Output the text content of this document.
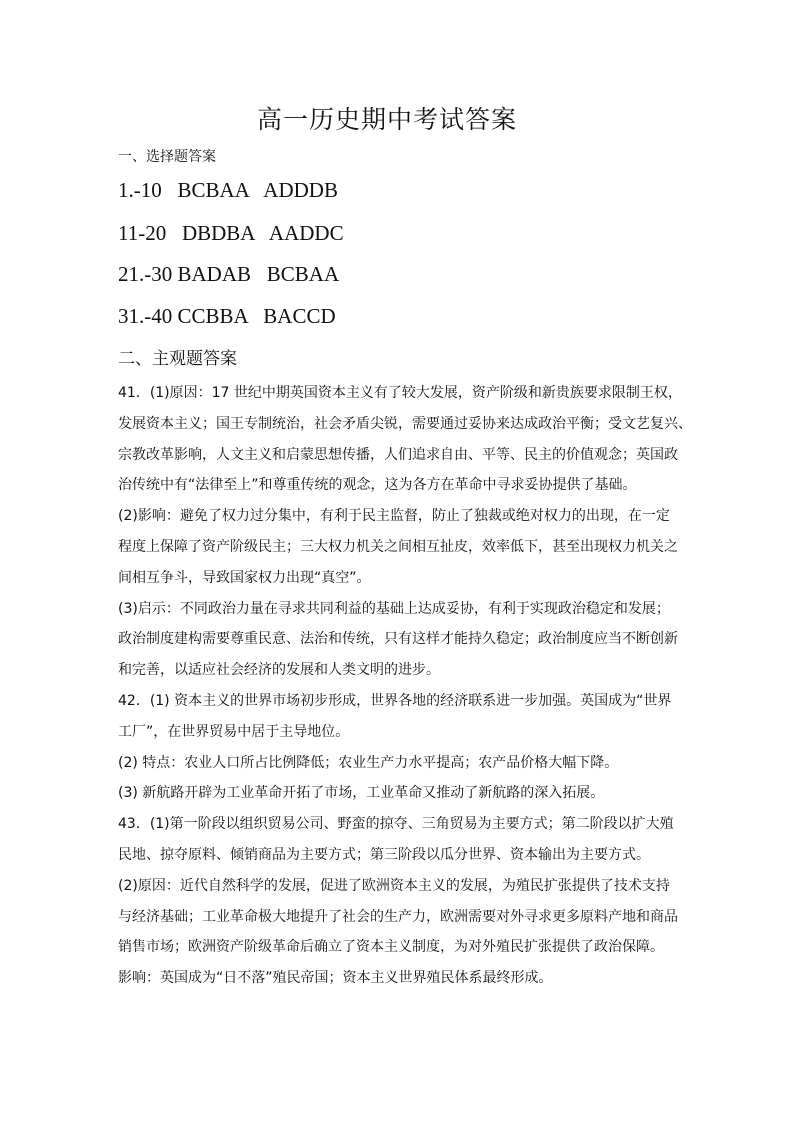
高一历史期中考试答案
一、选择题答案
1.-10   BCBAA   ADDDB
11-20   DBDBA   AADDC
21.-30 BADAB   BCBAA
31.-40 CCBBA   BACCD
二、主观题答案
41．(1)原因：17 世纪中期英国资本主义有了较大发展，资产阶级和新贵族要求限制王权，
发展资本主义；国王专制统治，社会矛盾尖锐，需要通过妥协来达成政治平衡；受文艺复兴、
宗教改革影响，人文主义和启蒙思想传播，人们追求自由、平等、民主的价值观念；英国政
治传统中有“法律至上”和尊重传统的观念，这为各方在革命中寻求妥协提供了基础。
(2)影响：避免了权力过分集中，有利于民主监督，防止了独裁或绝对权力的出现，在一定
程度上保障了资产阶级民主；三大权力机关之间相互扯皮，效率低下，甚至出现权力机关之
间相互争斗，导致国家权力出现“真空”。
(3)启示：不同政治力量在寻求共同利益的基础上达成妥协，有利于实现政治稳定和发展；
政治制度建构需要尊重民意、法治和传统，只有这样才能持久稳定；政治制度应当不断创新
和完善，以适应社会经济的发展和人类文明的进步。
42．(1) 资本主义的世界市场初步形成，世界各地的经济联系进一步加强。英国成为“世界
工厂”，在世界贸易中居于主导地位。
(2) 特点：农业人口所占比例降低；农业生产力水平提高；农产品价格大幅下降。
(3) 新航路开辟为工业革命开拓了市场，工业革命又推动了新航路的深入拓展。
43．(1)第一阶段以组织贸易公司、野蛮的掠夺、三角贸易为主要方式；第二阶段以扩大殖
民地、掠夺原料、倾销商品为主要方式；第三阶段以瓜分世界、资本输出为主要方式。
(2)原因：近代自然科学的发展，促进了欧洲资本主义的发展，为殖民扩张提供了技术支持
与经济基础；工业革命极大地提升了社会的生产力，欧洲需要对外寻求更多原料产地和商品
销售市场；欧洲资产阶级革命后确立了资本主义制度，为对外殖民扩张提供了政治保障。
影响：英国成为“日不落”殖民帝国；资本主义世界殖民体系最终形成。
